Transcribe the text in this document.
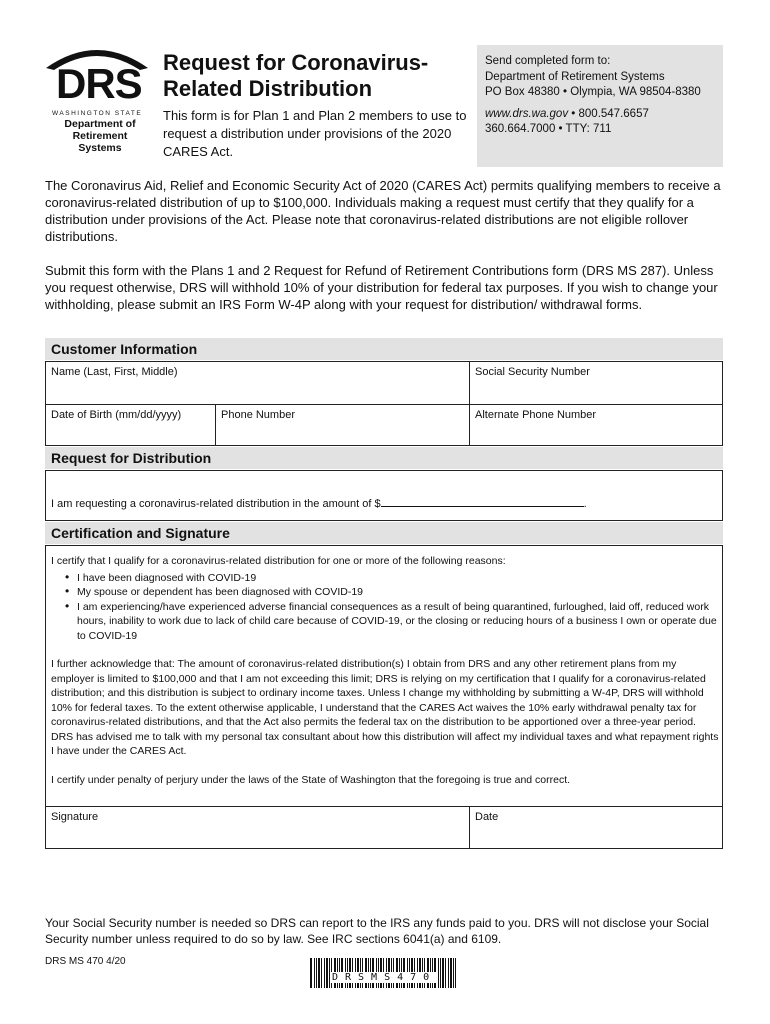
DRS
WASHINGTON STATE
Department of Retirement Systems
Request for Coronavirus-Related Distribution
This form is for Plan 1 and Plan 2 members to use to request a distribution under provisions of the 2020 CARES Act.
Send completed form to:
Department of Retirement Systems
PO Box 48380 • Olympia, WA 98504-8380
www.drs.wa.gov • 800.547.6657
360.664.7000 • TTY: 711

The Coronavirus Aid, Relief and Economic Security Act of 2020 (CARES Act) permits qualifying members to receive a coronavirus-related distribution of up to $100,000. Individuals making a request must certify that they qualify for a distribution under provisions of the Act. Please note that coronavirus-related distributions are not eligible rollover distributions.

Submit this form with the Plans 1 and 2 Request for Refund of Retirement Contributions form (DRS MS 287). Unless you request otherwise, DRS will withhold 10% of your distribution for federal tax purposes. If you wish to change your withholding, please submit an IRS Form W-4P along with your request for distribution/ withdrawal forms.

Customer Information
Name (Last, First, Middle)	Social Security Number
Date of Birth (mm/dd/yyyy)	Phone Number	Alternate Phone Number
Request for Distribution
I am requesting a coronavirus-related distribution in the amount of $	.
Certification and Signature
I certify that I qualify for a coronavirus-related distribution for one or more of the following reasons:
• I have been diagnosed with COVID-19
• My spouse or dependent has been diagnosed with COVID-19
• I am experiencing/have experienced adverse financial consequences as a result of being quarantined, furloughed, laid off, reduced work hours, inability to work due to lack of child care because of COVID-19, or the closing or reducing hours of a business I own or operate due to COVID-19
I further acknowledge that: The amount of coronavirus-related distribution(s) I obtain from DRS and any other retirement plans from my employer is limited to $100,000 and that I am not exceeding this limit; DRS is relying on my certification that I qualify for a coronavirus-related distribution; and this distribution is subject to ordinary income taxes. Unless I change my withholding by submitting a W-4P, DRS will withhold 10% for federal taxes. To the extent otherwise applicable, I understand that the CARES Act waives the 10% early withdrawal penalty tax for coronavirus-related distributions, and that the Act also permits the federal tax on the distribution to be apportioned over a three-year period. DRS has advised me to talk with my personal tax consultant about how this distribution will affect my individual taxes and what repayment rights I have under the CARES Act.
I certify under penalty of perjury under the laws of the State of Washington that the foregoing is true and correct.
Signature	Date
Your Social Security number is needed so DRS can report to the IRS any funds paid to you. DRS will not disclose your Social Security number unless required to do so by law. See IRC sections 6041(a) and 6109.
DRS MS 470 4/20
DRSMS470
